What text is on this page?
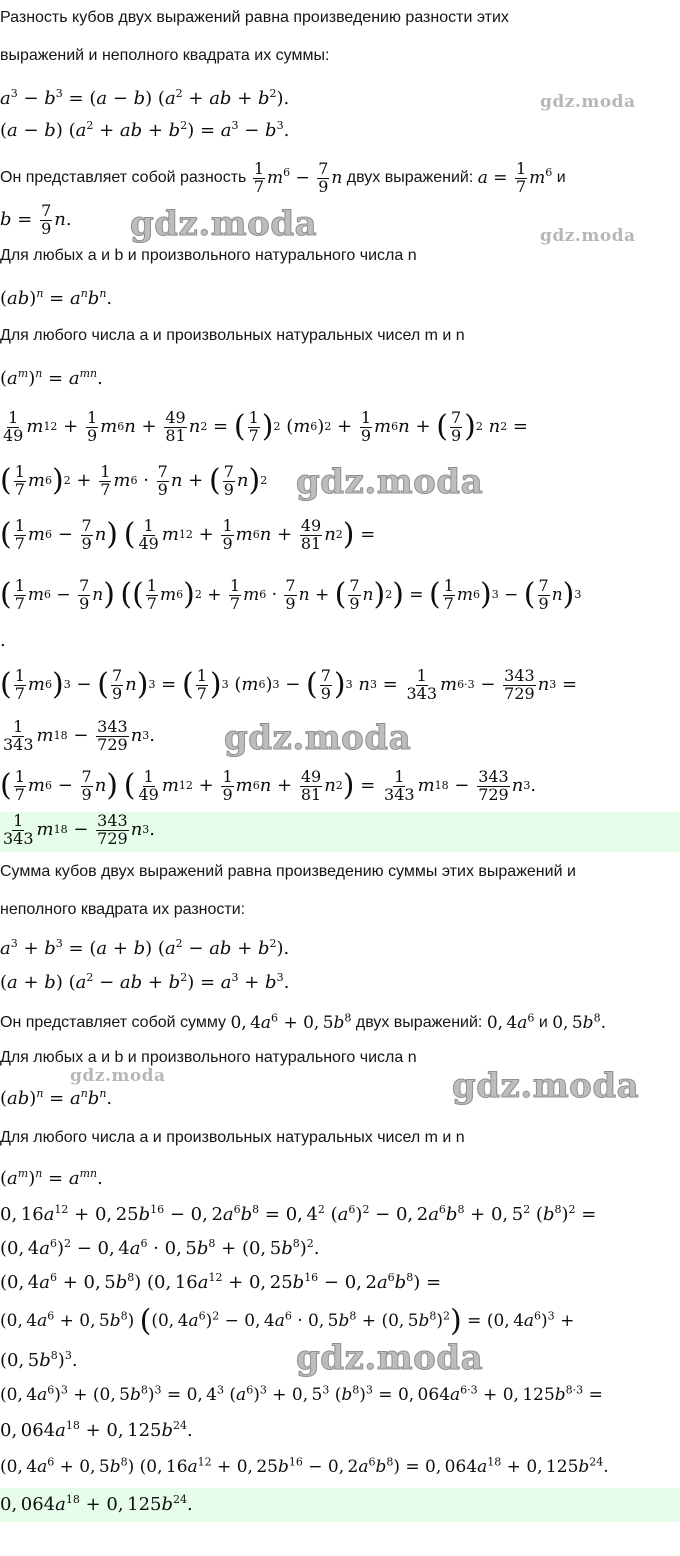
Разность кубов двух выражений равна произведению разности этих
выражений и неполного квадрата их суммы:
$a^3 - b^3 = (a - b) (a^2$ + ab + $b^2$).
(a − b) ($a^2$ + ab + $b^2) = a^3 - b^3$.
Он представляет собой разность
$\frac{1}{7} m^6 - \frac{7}{9}$ n
двух выражений:
$a = \frac{1}{7} m^6$
и
b = 7
9 n .
Для любых a и b и произвольного натурального числа n
$(ab)^n = a^nb^n$.
Для любого числа a и произвольных натуральных чисел m и n
$(a^m)^n = a^{mn}$.
1
49 m 12 + 1
9 m 6 n + 49
81 n 2 = ( 1
7 ) 2 ( m 6 ) 2 + 1
9 m 6 n + ( 7
9 ) 2
n 2 =
( 1
7 m 6 ) 2 + 1
7 m 6 · 7
9 n + ( 7
9 n ) 2
( 1
7 m 6 − 7
9 n )
( 1
49 m 12 + 1
9 m 6 n + 49
81 n 2 ) =
( 1
7 m 6 − 7
9 n )
(( 1
7 m 6 ) 2 + 1
7 m 6 · 7
9 n + ( 7
9 n ) 2 ) = ( 1
7 m 6 ) 3 − ( 7
9 n ) 3
.
( 1
7 m 6 ) 3 − ( 7
9 n ) 3 = ( 1
7 ) 3 ( m 6 ) 3 − ( 7
9 ) 3
n 3 = 1
343 m 6·3 − 343
729 n 3 =
1
343 m 18 − 343
729 n 3 .
( 1
7 m 6 − 7
9 n )
( 1
49 m 12 + 1
9 m 6 n + 49
81 n 2 ) = 1
343 m 18 − 343
729 n 3 .
1
343 m 18 − 343
729 n 3 .
Сумма кубов двух выражений равна произведению суммы этих выражений и
неполного квадрата их разности:
$a^3 + b^3 = (a + b) (a^2$ − ab + $b^2$).
(a + b) ($a^2$ − ab + $b^2) = a^3 + b^3$.
Он представляет собой сумму
0, $4a^6 + 0$, $5b^8$
двух выражений:
0, $4a^6$
и
0, $5b^8$.
Для любых a и b и произвольного натурального числа n
$(ab)^n = a^nb^n$.
Для любого числа a и произвольных натуральных чисел m и n
$(a^m)^n = a^{mn}$.
0, $16a^{12} + 0$, $25b^{16} - 0$, $2a^6b^8 = 0$, $4^2$ $(a^6)^2 - 0$, $2a^6b^8 + 0$, $5^2$ $(b^8)^2$ =
(0, $4a^6)^2 - 0$, $4a^6 \cdot 0$, $5b^8 + (0$, $5b^8)^2$.
(0, $4a^6 + 0$, $5b^8$) (0, $16a^{12} + 0$, $25b^{16} - 0$, $2a^6b^8$) =
(0, $4a^6 + 0$, $5b^8$) ((0, $4a^6)^2 - 0$, $4a^6 \cdot 0$, $5b^8 + (0$, $5b^8)^2) = (0$, $4a^6)^3$ +
(0, $5b^8)^3$.
(0, $4a^6)^3 + (0$, $5b^8)^3 = 0$, $4^3$ $(a^6)^3 + 0$, $5^3$ $(b^8)^3 = 0$, $064a^{6\cdot 3} + 0$, $125b^{8\cdot 3}$ =
0, $064a^{18} + 0$, $125b^{24}$.
(0, $4a^6 + 0$, $5b^8$) (0, $16a^{12} + 0$, $25b^{16} - 0$, $2a^6b^8) = 0$, $064a^{18} + 0$, $125b^{24}$.
0, $064a^{18} + 0$, $125b^{24}$.
gdz.moda
gdz.moda	gdz.moda
gdz.moda
gdz.moda
gdz.moda	gdz.moda
gdz.moda
